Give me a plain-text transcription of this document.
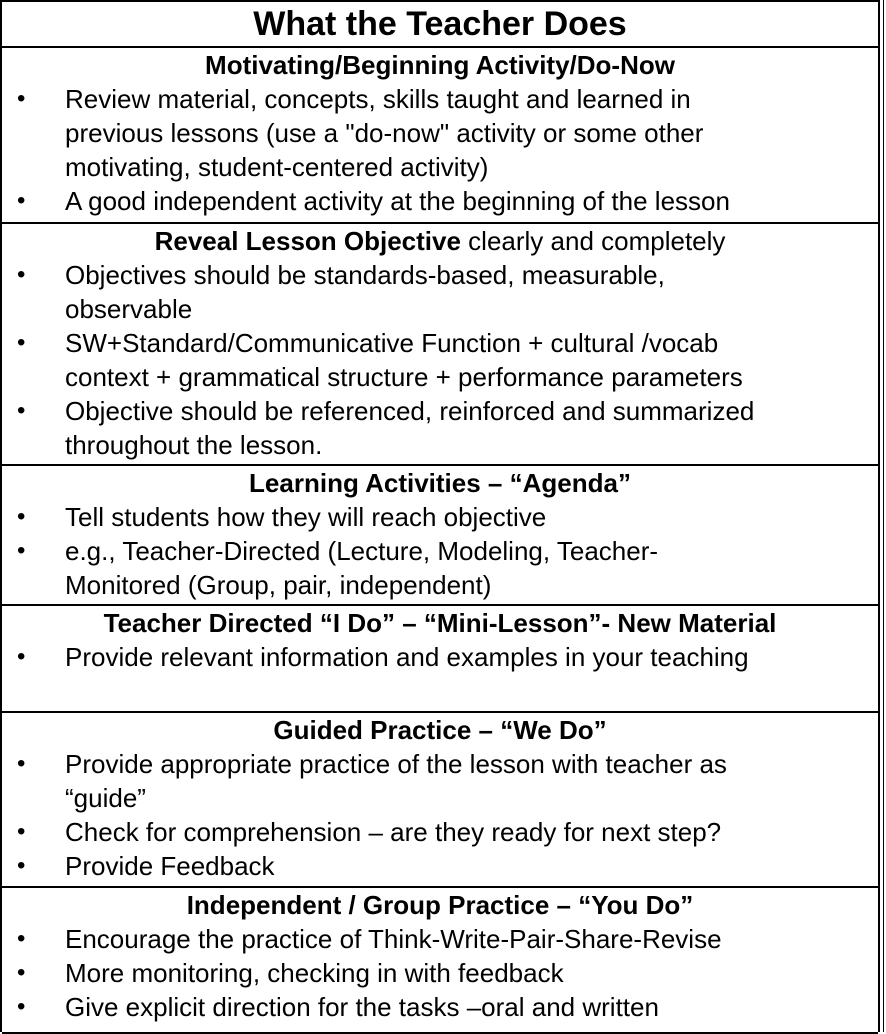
What the Teacher Does
Motivating/Beginning Activity/Do-Now
• Review material, concepts, skills taught and learned in
previous lessons (use a "do-now" activity or some other
motivating, student-centered activity)
• A good independent activity at the beginning of the lesson
Reveal Lesson Objective clearly and completely
• Objectives should be standards-based, measurable,
observable
• SW+Standard/Communicative Function + cultural /vocab
context + grammatical structure + performance parameters
• Objective should be referenced, reinforced and summarized
throughout the lesson.
Learning Activities – “Agenda”
• Tell students how they will reach objective
• e.g., Teacher-Directed (Lecture, Modeling, Teacher-
Monitored (Group, pair, independent)
Teacher Directed “I Do” – “Mini-Lesson”- New Material
• Provide relevant information and examples in your teaching
Guided Practice – “We Do”
• Provide appropriate practice of the lesson with teacher as
“guide”
• Check for comprehension – are they ready for next step?
• Provide Feedback
Independent / Group Practice – “You Do”
• Encourage the practice of Think-Write-Pair-Share-Revise
• More monitoring, checking in with feedback
• Give explicit direction for the tasks –oral and written
